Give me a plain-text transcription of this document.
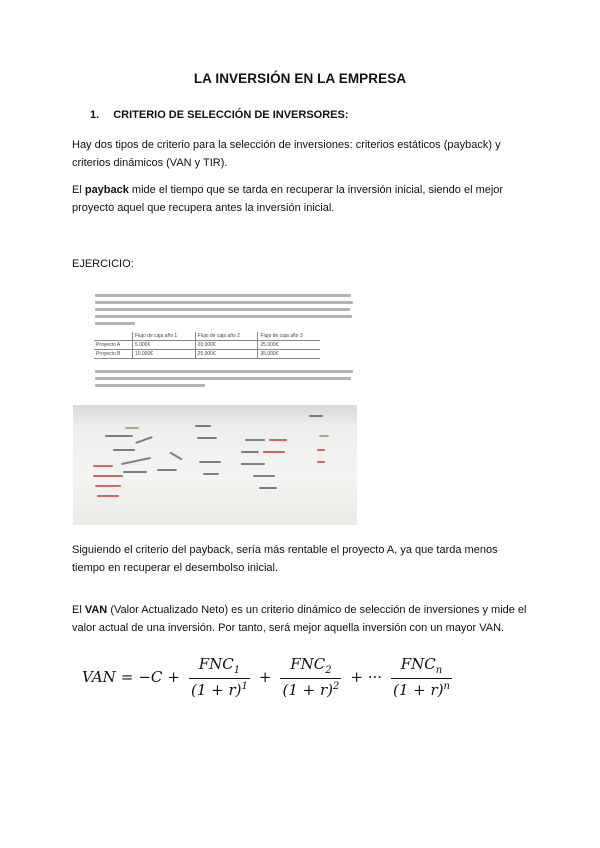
LA INVERSIÓN EN LA EMPRESA
1. CRITERIO DE SELECCIÓN DE INVERSORES:
Hay dos tipos de criterio para la selección de inversiones: criterios estáticos (payback) y criterios dinámicos (VAN y TIR).
El payback mide el tiempo que se tarda en recuperar la inversión inicial, siendo el mejor proyecto aquel que recupera antes la inversión inicial.
EJERCICIO:
	Flujo de caja año 1	Flujo de caja año 2	Flujo de caja año 3
Proyecto A	5.000€	20.000€	25.000€
Proyecto B	10.000€	25.000€	35.000€
Siguiendo el criterio del payback, sería más rentable el proyecto A, ya que tarda menos tiempo en recuperar el desembolso inicial.
El VAN (Valor Actualizado Neto) es un criterio dinámico de selección de inversiones y mide el valor actual de una inversión. Por tanto, será mejor aquella inversión con un mayor VAN.
VAN = $-C + \frac{FNC_1}{(1 + r)^1} + \frac{FNC_2}{(1 + r)^2}$ + ··· $\frac{FNC_n}{(1 + r)^n}$
